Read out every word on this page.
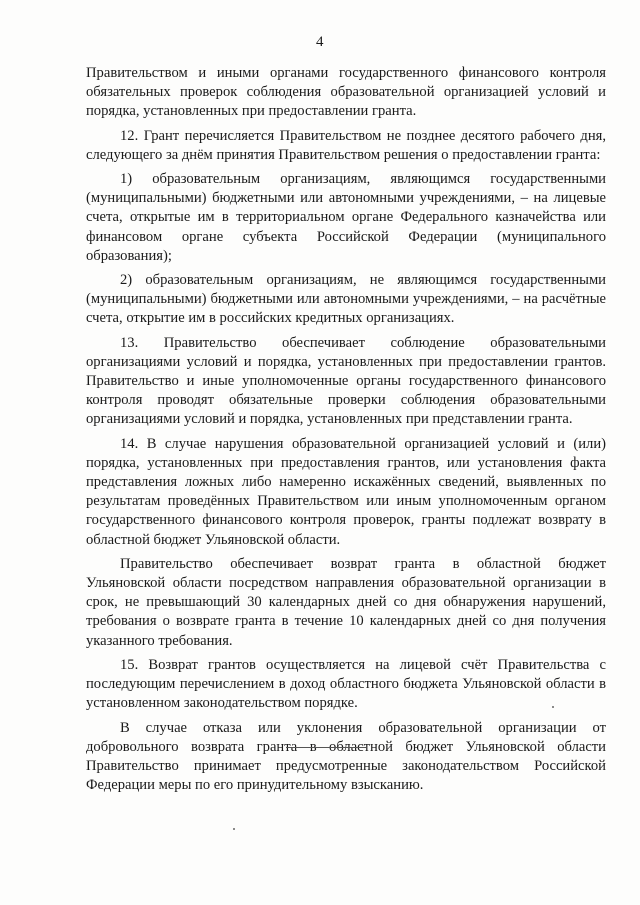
4

Правительством и иными органами государственного финансового контроля обязательных проверок соблюдения образовательной организацией условий и порядка, установленных при предоставлении гранта.

12. Грант перечисляется Правительством не позднее десятого рабочего дня, следующего за днём принятия Правительством решения о предоставлении гранта:

1) образовательным организациям, являющимся государственными (муниципальными) бюджетными или автономными учреждениями, – на лицевые счета, открытые им в территориальном органе Федерального казначейства или финансовом органе субъекта Российской Федерации (муниципального образования);

2) образовательным организациям, не являющимся государственными (муниципальными) бюджетными или автономными учреждениями, – на расчётные счета, открытие им в российских кредитных организациях.

13. Правительство обеспечивает соблюдение образовательными организациями условий и порядка, установленных при предоставлении грантов. Правительство и иные уполномоченные органы государственного финансового контроля проводят обязательные проверки соблюдения образовательными организациями условий и порядка, установленных при представлении гранта.

14. В случае нарушения образовательной организацией условий и (или) порядка, установленных при предоставления грантов, или установления факта представления ложных либо намеренно искажённых сведений, выявленных по результатам проведённых Правительством или иным уполномоченным органом государственного финансового контроля проверок, гранты подлежат возврату в областной бюджет Ульяновской области.

Правительство обеспечивает возврат гранта в областной бюджет Ульяновской области посредством направления образовательной организации в срок, не превышающий 30 календарных дней со дня обнаружения нарушений, требования о возврате гранта в течение 10 календарных дней со дня получения указанного требования.

15. Возврат грантов осуществляется на лицевой счёт Правительства с последующим перечислением в доход областного бюджета Ульяновской области в установленном законодательством порядке.

В случае отказа или уклонения образовательной организации от добровольного возврата гранта в областной бюджет Ульяновской области Правительство принимает предусмотренные законодательством Российской Федерации меры по его принудительному взысканию.
